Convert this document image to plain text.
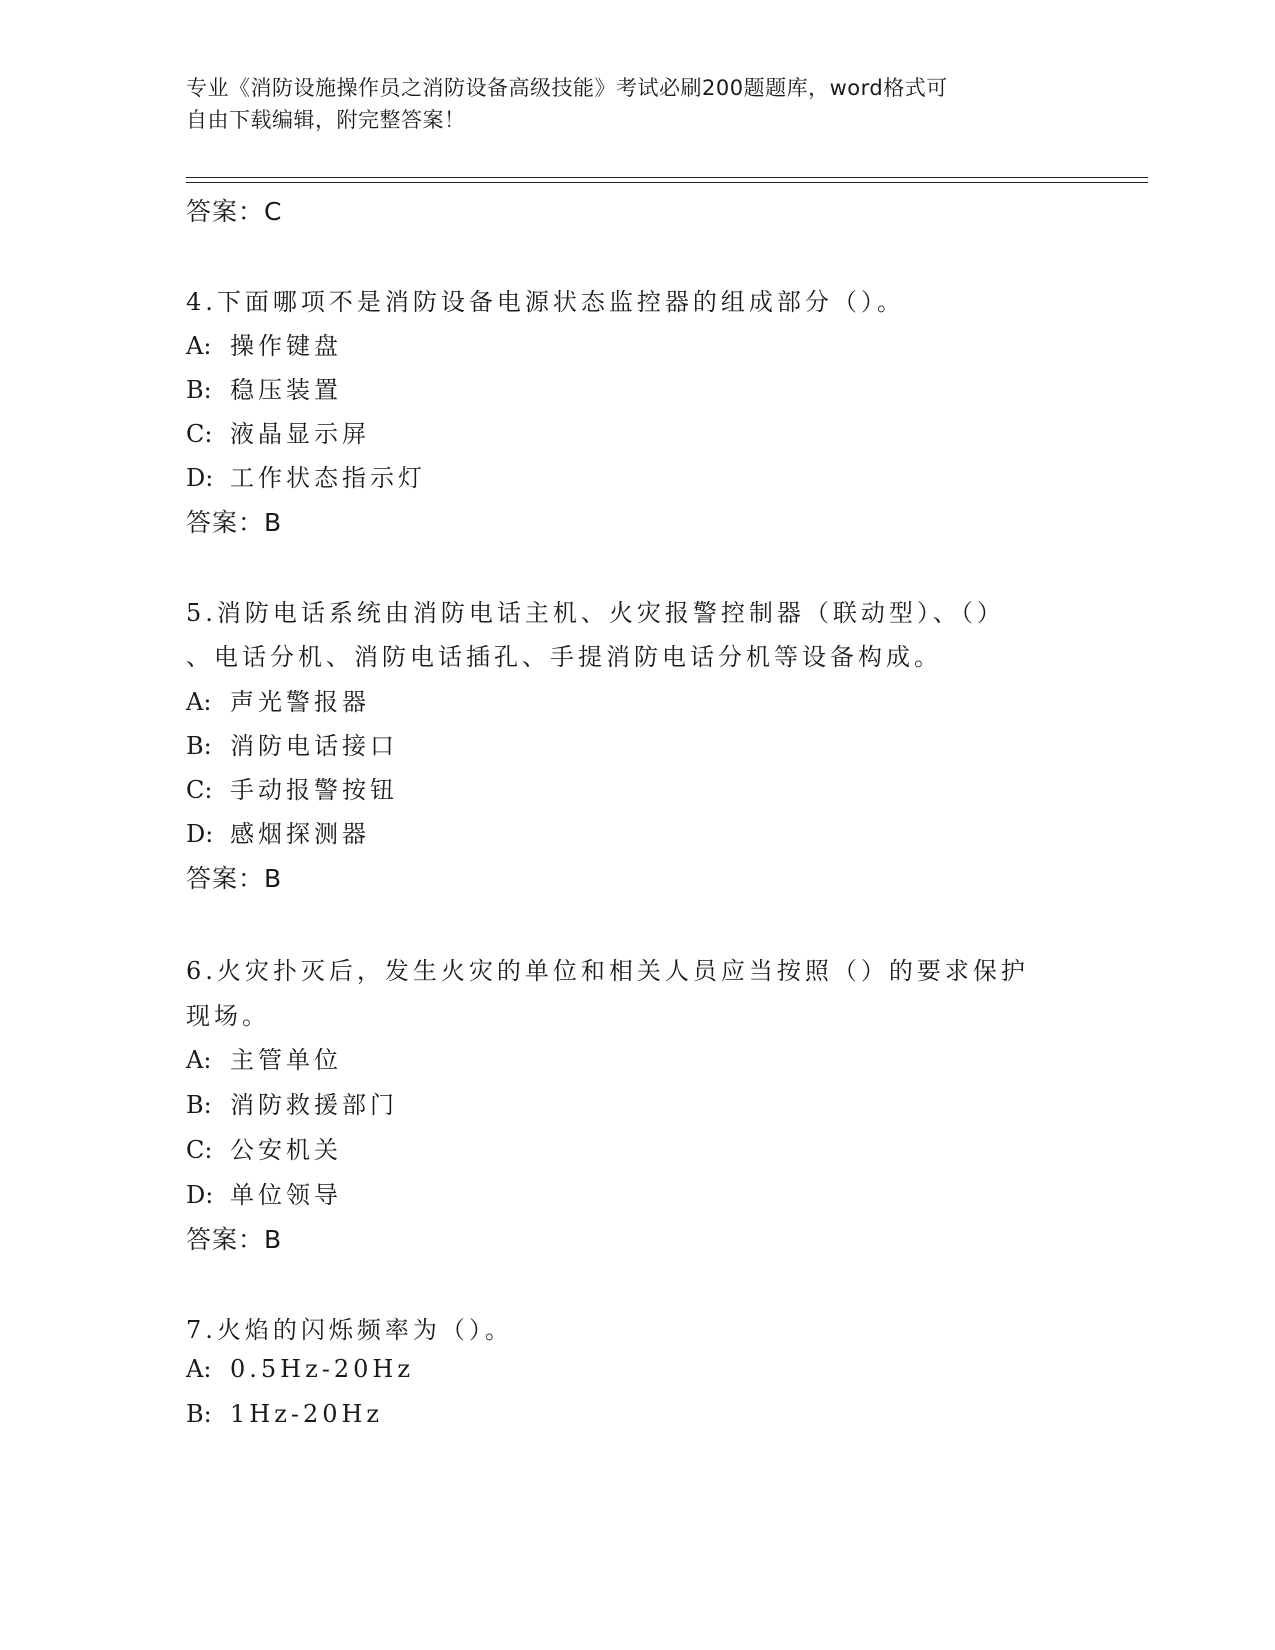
专业《消防设施操作员之消防设备高级技能》考试必刷200题题库，word格式可
自由下载编辑，附完整答案！
答案：C
4.下面哪项不是消防设备电源状态监控器的组成部分（）。
A: 操作键盘
B: 稳压装置
C: 液晶显示屏
D: 工作状态指示灯
答案：B
5.消防电话系统由消防电话主机、火灾报警控制器（联动型）、（）
、电话分机、消防电话插孔、手提消防电话分机等设备构成。
A: 声光警报器
B: 消防电话接口
C: 手动报警按钮
D: 感烟探测器
答案：B
6.火灾扑灭后，发生火灾的单位和相关人员应当按照（）的要求保护
现场。
A: 主管单位
B: 消防救援部门
C: 公安机关
D: 单位领导
答案：B
7.火焰的闪烁频率为（）。
A: 0.5Hz-20Hz
B: 1Hz-20Hz
